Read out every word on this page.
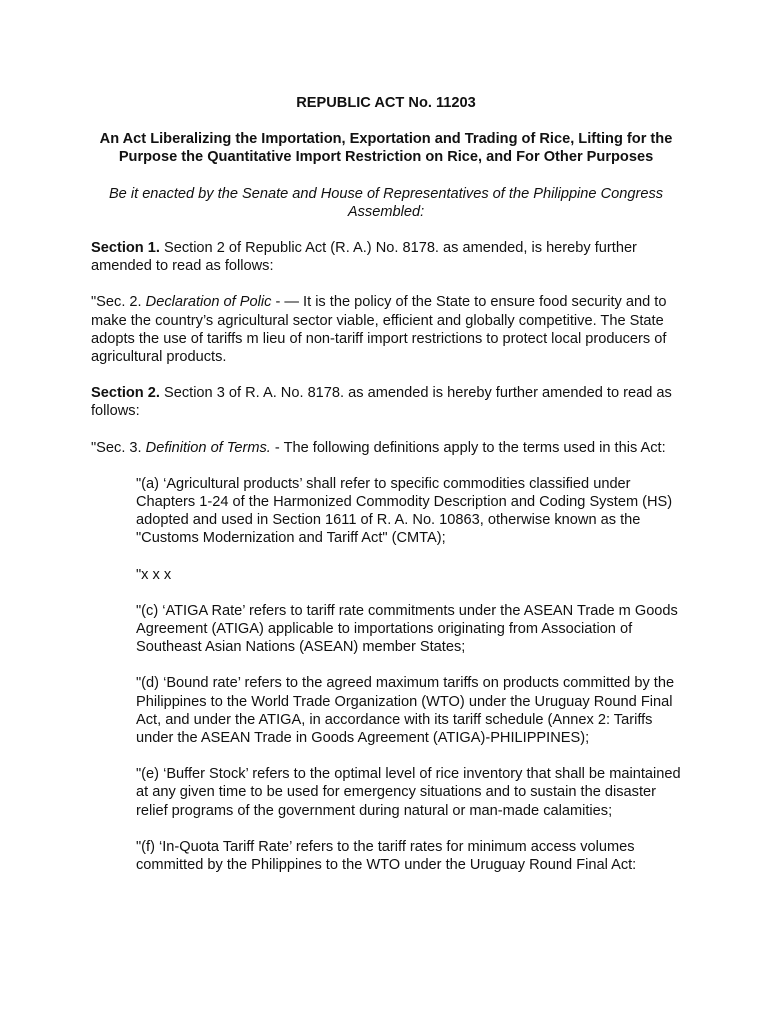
REPUBLIC ACT No. 11203

An Act Liberalizing the Importation, Exportation and Trading of Rice, Lifting for the Purpose the Quantitative Import Restriction on Rice, and For Other Purposes

Be it enacted by the Senate and House of Representatives of the Philippine Congress Assembled:

Section 1. Section 2 of Republic Act (R. A.) No. 8178. as amended, is hereby further amended to read as follows:

"Sec. 2. Declaration of Polic - — It is the policy of the State to ensure food security and to make the country’s agricultural sector viable, efficient and globally competitive. The State adopts the use of tariffs m lieu of non-tariff import restrictions to protect local producers of agricultural products.

Section 2. Section 3 of R. A. No. 8178. as amended is hereby further amended to read as follows:

"Sec. 3. Definition of Terms. - The following definitions apply to the terms used in this Act:

"(a) ‘Agricultural products’ shall refer to specific commodities classified under Chapters 1-24 of the Harmonized Commodity Description and Coding System (HS) adopted and used in Section 1611 of R. A. No. 10863, otherwise known as the "Customs Modernization and Tariff Act" (CMTA);

"x x x

"(c) ‘ATIGA Rate’ refers to tariff rate commitments under the ASEAN Trade m Goods Agreement (ATIGA) applicable to importations originating from Association of Southeast Asian Nations (ASEAN) member States;

"(d) ‘Bound rate’ refers to the agreed maximum tariffs on products committed by the Philippines to the World Trade Organization (WTO) under the Uruguay Round Final Act, and under the ATIGA, in accordance with its tariff schedule (Annex 2: Tariffs under the ASEAN Trade in Goods Agreement (ATIGA)-PHILIPPINES);

"(e) ‘Buffer Stock’ refers to the optimal level of rice inventory that shall be maintained at any given time to be used for emergency situations and to sustain the disaster relief programs of the government during natural or man-made calamities;

"(f) ‘In-Quota Tariff Rate’ refers to the tariff rates for minimum access volumes committed by the Philippines to the WTO under the Uruguay Round Final Act:
